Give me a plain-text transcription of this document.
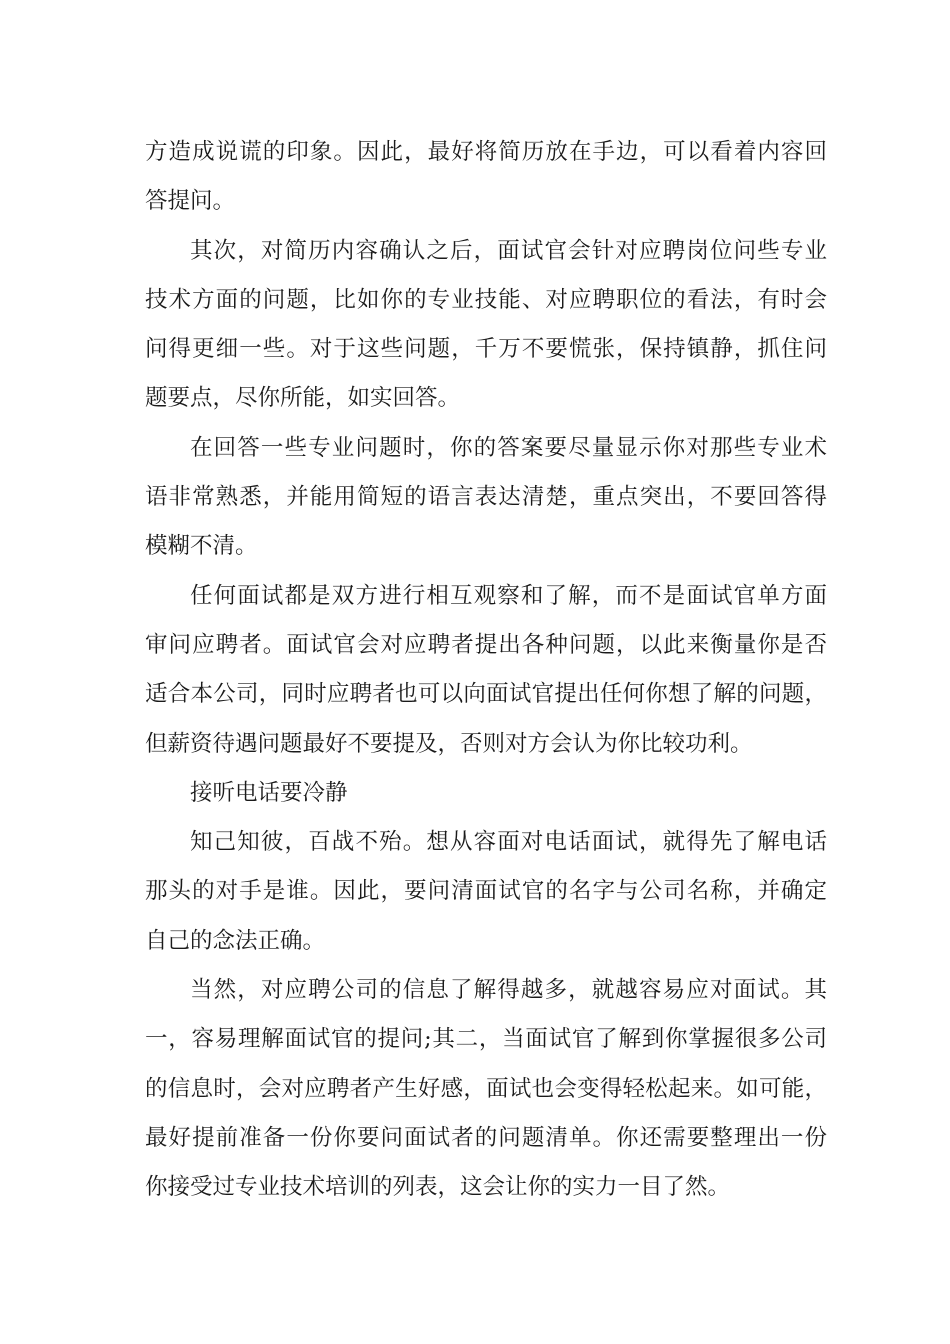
方造成说谎的印象。因此，最好将简历放在手边，可以看着内容回
答提问。
其次，对简历内容确认之后，面试官会针对应聘岗位问些专业
技术方面的问题，比如你的专业技能、对应聘职位的看法，有时会
问得更细一些。对于这些问题，千万不要慌张，保持镇静，抓住问
题要点，尽你所能，如实回答。
在回答一些专业问题时，你的答案要尽量显示你对那些专业术
语非常熟悉，并能用简短的语言表达清楚，重点突出，不要回答得
模糊不清。
任何面试都是双方进行相互观察和了解，而不是面试官单方面
审问应聘者。面试官会对应聘者提出各种问题，以此来衡量你是否
适合本公司，同时应聘者也可以向面试官提出任何你想了解的问题，
但薪资待遇问题最好不要提及，否则对方会认为你比较功利。
接听电话要冷静
知己知彼，百战不殆。想从容面对电话面试，就得先了解电话
那头的对手是谁。因此，要问清面试官的名字与公司名称，并确定
自己的念法正确。
当然，对应聘公司的信息了解得越多，就越容易应对面试。其
一，容易理解面试官的提问;其二，当面试官了解到你掌握很多公司
的信息时，会对应聘者产生好感，面试也会变得轻松起来。如可能，
最好提前准备一份你要问面试者的问题清单。你还需要整理出一份
你接受过专业技术培训的列表，这会让你的实力一目了然。
